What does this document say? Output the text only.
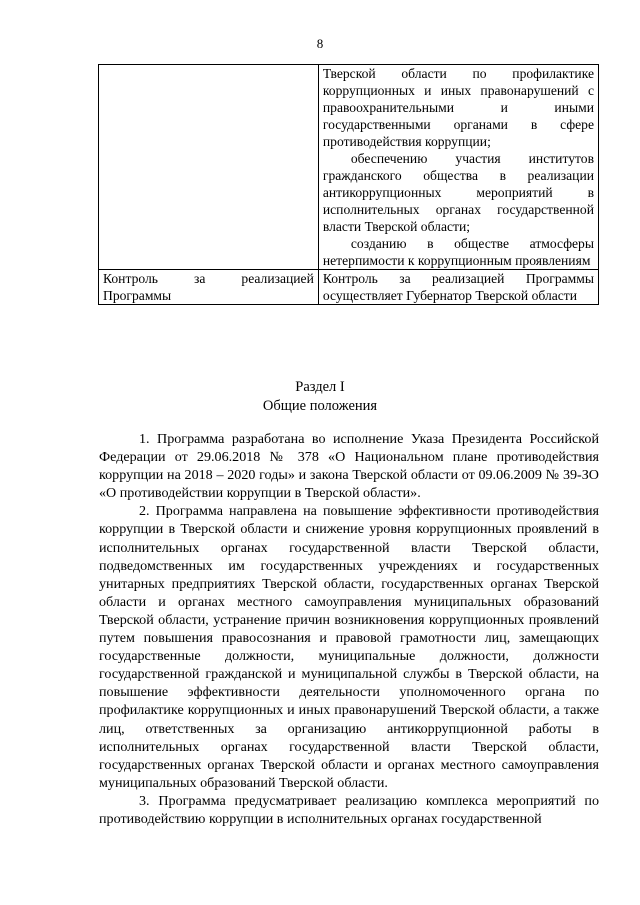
8

	Тверской области по профилактике коррупционных и иных правонарушений с правоохранительными и иными государственными органами в сфере противодействия коррупции;

обеспечению участия институтов гражданского общества в реализации антикоррупционных мероприятий в исполнительных органах государственной власти Тверской области;

созданию в обществе атмосферы нетерпимости к коррупционным проявлениям

Контроль за реализацией Программы	Контроль за реализацией Программы осуществляет Губернатор Тверской области

Раздел I
Общие положения

1. Программа разработана во исполнение Указа Президента Российской Федерации от 29.06.2018 № 378 «О Национальном плане противодействия коррупции на 2018 – 2020 годы» и закона Тверской области от 09.06.2009 № 39-ЗО «О противодействии коррупции в Тверской области».

2. Программа направлена на повышение эффективности противодействия коррупции в Тверской области и снижение уровня коррупционных проявлений в исполнительных органах государственной власти Тверской области, подведомственных им государственных учреждениях и государственных унитарных предприятиях Тверской области, государственных органах Тверской области и органах местного самоуправления муниципальных образований Тверской области, устранение причин возникновения коррупционных проявлений путем повышения правосознания и правовой грамотности лиц, замещающих государственные должности, муниципальные должности, должности государственной гражданской и муниципальной службы в Тверской области, на повышение эффективности деятельности уполномоченного органа по профилактике коррупционных и иных правонарушений Тверской области, а также лиц, ответственных за организацию антикоррупционной работы в исполнительных органах государственной власти Тверской области, государственных органах Тверской области и органах местного самоуправления муниципальных образований Тверской области.

3. Программа предусматривает реализацию комплекса мероприятий по противодействию коррупции в исполнительных органах государственной
